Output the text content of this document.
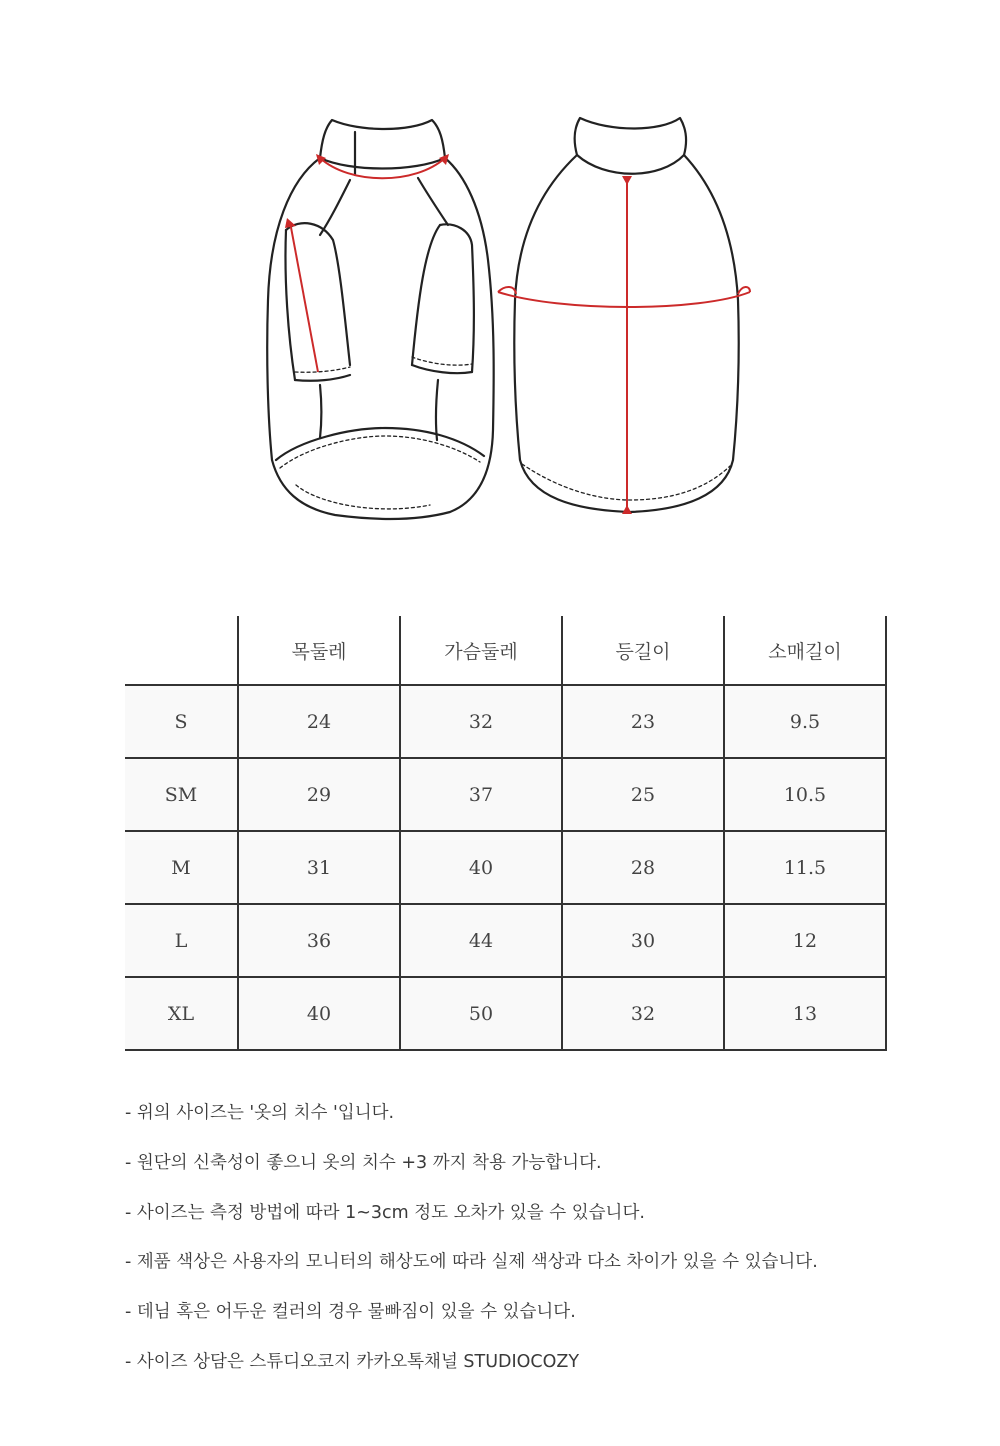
	목둘레	가슴둘레	등길이	소매길이
S	24	32	23	9.5
SM	29	37	25	10.5
M	31	40	28	11.5
L	36	44	30	12
XL	40	50	32	13
- 위의 사이즈는 '옷의 치수 '입니다.
- 원단의 신축성이 좋으니 옷의 치수 +3 까지 착용 가능합니다.
- 사이즈는 측정 방법에 따라 1~3cm 정도 오차가 있을 수 있습니다.
- 제품 색상은 사용자의 모니터의 해상도에 따라 실제 색상과 다소 차이가 있을 수 있습니다.
- 데님 혹은 어두운 컬러의 경우 물빠짐이 있을 수 있습니다.
- 사이즈 상담은 스튜디오코지 카카오톡채널 STUDIOCOZY
